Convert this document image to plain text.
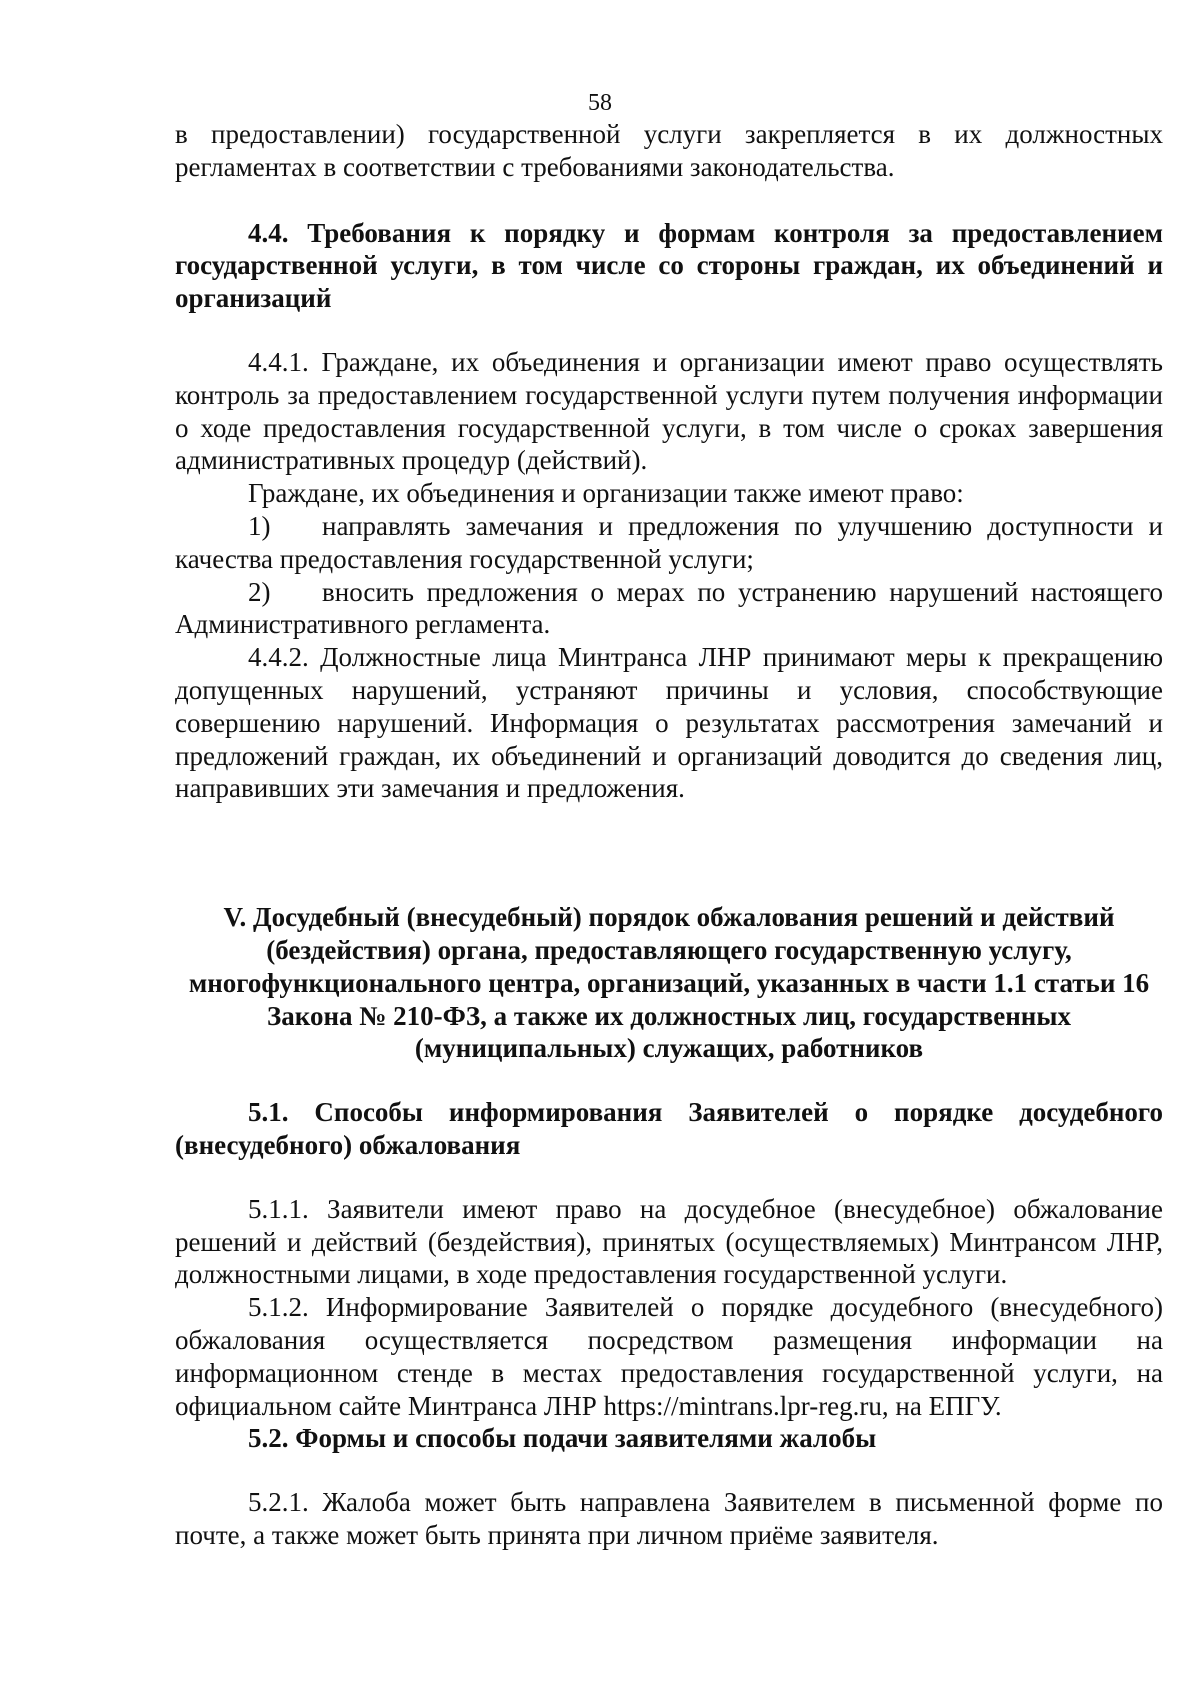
58

в предоставлении) государственной услуги закрепляется в их должностных регламентах в соответствии с требованиями законодательства.

4.4. Требования к порядку и формам контроля за предоставлением государственной услуги, в том числе со стороны граждан, их объединений и организаций

4.4.1. Граждане, их объединения и организации имеют право осуществлять контроль за предоставлением государственной услуги путем получения информации о ходе предоставления государственной услуги, в том числе о сроках завершения административных процедур (действий).

Граждане, их объединения и организации также имеют право:

1) направлять замечания и предложения по улучшению доступности и качества предоставления государственной услуги;

2) вносить предложения о мерах по устранению нарушений настоящего Административного регламента.

4.4.2. Должностные лица Минтранса ЛНР принимают меры к прекращению допущенных нарушений, устраняют причины и условия, способствующие совершению нарушений. Информация о результатах рассмотрения замечаний и предложений граждан, их объединений и организаций доводится до сведения лиц, направивших эти замечания и предложения.

V. Досудебный (внесудебный) порядок обжалования решений и действий (бездействия) органа, предоставляющего государственную услугу, многофункционального центра, организаций, указанных в части 1.1 статьи 16 Закона № 210-ФЗ, а также их должностных лиц, государственных (муниципальных) служащих, работников

5.1. Способы информирования Заявителей о порядке досудебного (внесудебного) обжалования

5.1.1. Заявители имеют право на досудебное (внесудебное) обжалование решений и действий (бездействия), принятых (осуществляемых) Минтрансом ЛНР, должностными лицами, в ходе предоставления государственной услуги.

5.1.2. Информирование Заявителей о порядке досудебного (внесудебного) обжалования осуществляется посредством размещения информации на информационном стенде в местах предоставления государственной услуги, на официальном сайте Минтранса ЛНР https://mintrans.lpr-reg.ru, на ЕПГУ.

5.2. Формы и способы подачи заявителями жалобы

5.2.1. Жалоба может быть направлена Заявителем в письменной форме по почте, а также может быть принята при личном приёме заявителя.
